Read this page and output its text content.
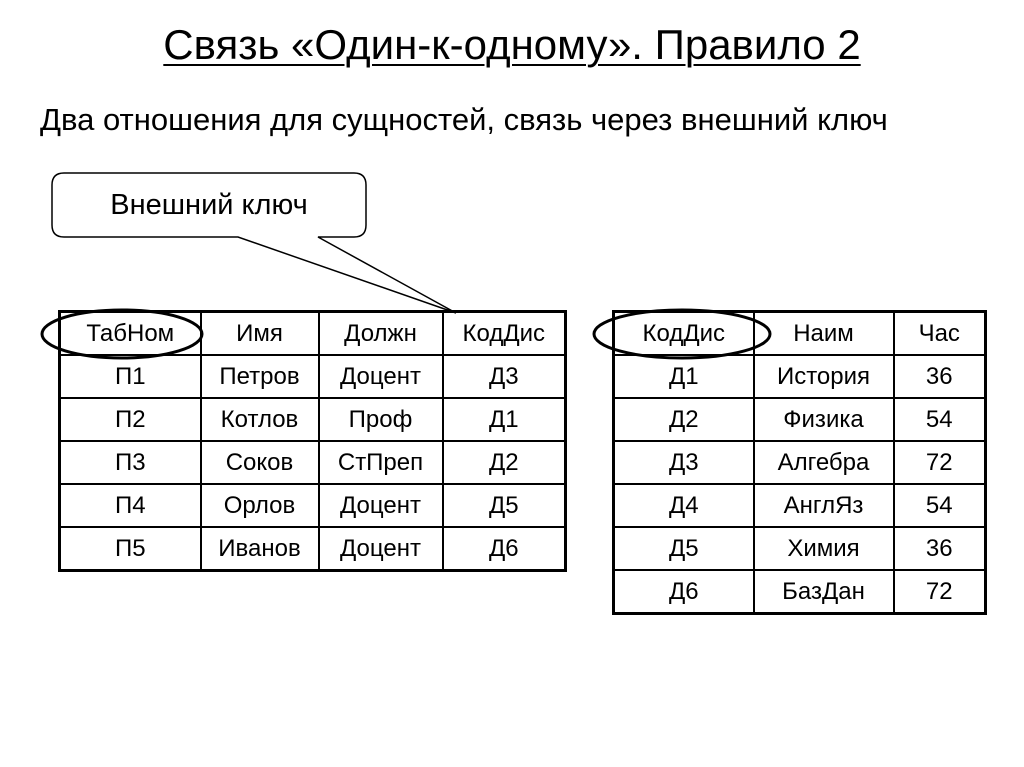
Связь «Один-к-одному». Правило 2
Два отношения для сущностей, связь через внешний ключ
ТабНом	Имя	Должн	КодДис
П1	Петров	Доцент	Д3
П2	Котлов	Проф	Д1
П3	Соков	СтПреп	Д2
П4	Орлов	Доцент	Д5
П5	Иванов	Доцент	Д6
КодДис	Наим	Час
Д1	История	36
Д2	Физика	54
Д3	Алгебра	72
Д4	АнглЯз	54
Д5	Химия	36
Д6	БазДан	72
Внешний ключ
